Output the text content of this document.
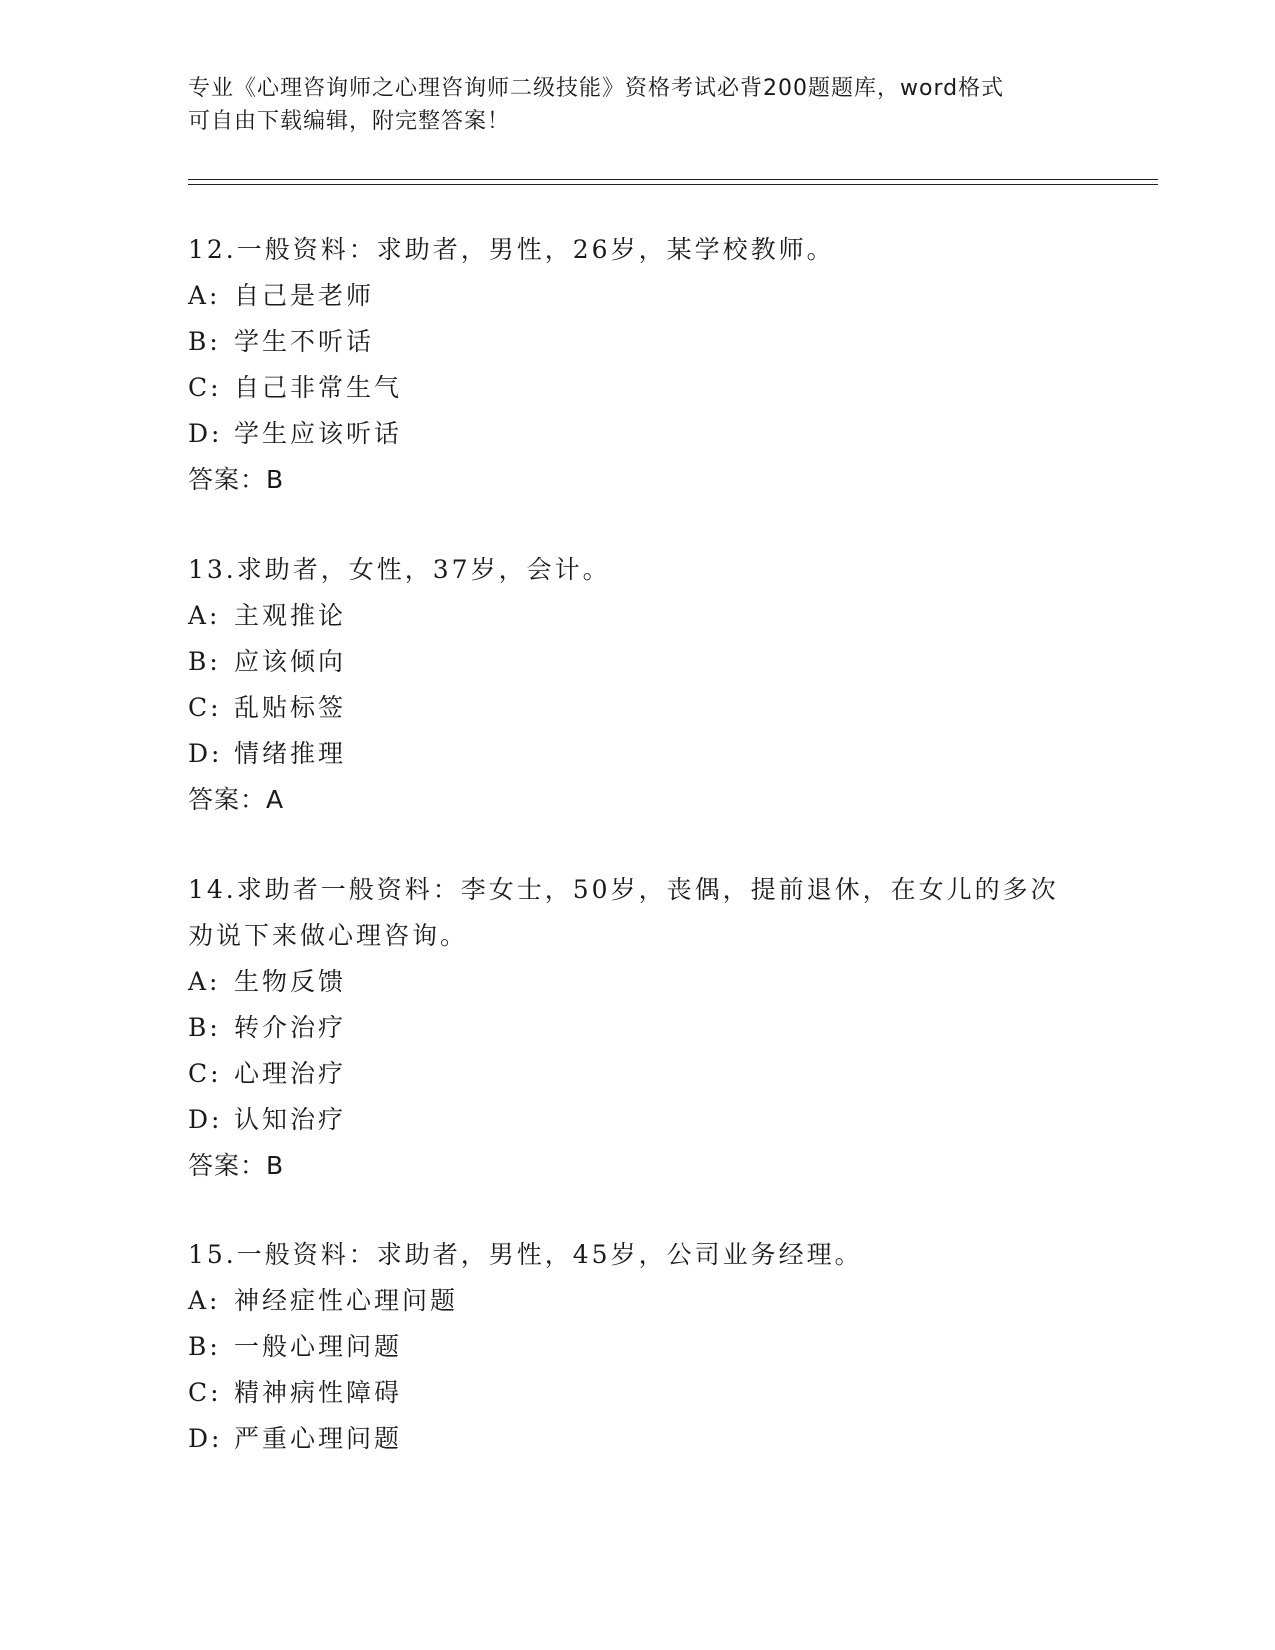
专业《心理咨询师之心理咨询师二级技能》资格考试必背200题题库，word格式
可自由下载编辑，附完整答案！
12.一般资料：求助者，男性，26岁，某学校教师。
A: 自己是老师
B: 学生不听话
C: 自己非常生气
D: 学生应该听话
答案：B
13.求助者，女性，37岁，会计。
A: 主观推论
B: 应该倾向
C: 乱贴标签
D: 情绪推理
答案：A
14.求助者一般资料：李女士，50岁，丧偶，提前退休，在女儿的多次
劝说下来做心理咨询。
A: 生物反馈
B: 转介治疗
C: 心理治疗
D: 认知治疗
答案：B
15.一般资料：求助者，男性，45岁，公司业务经理。
A: 神经症性心理问题
B: 一般心理问题
C: 精神病性障碍
D: 严重心理问题
